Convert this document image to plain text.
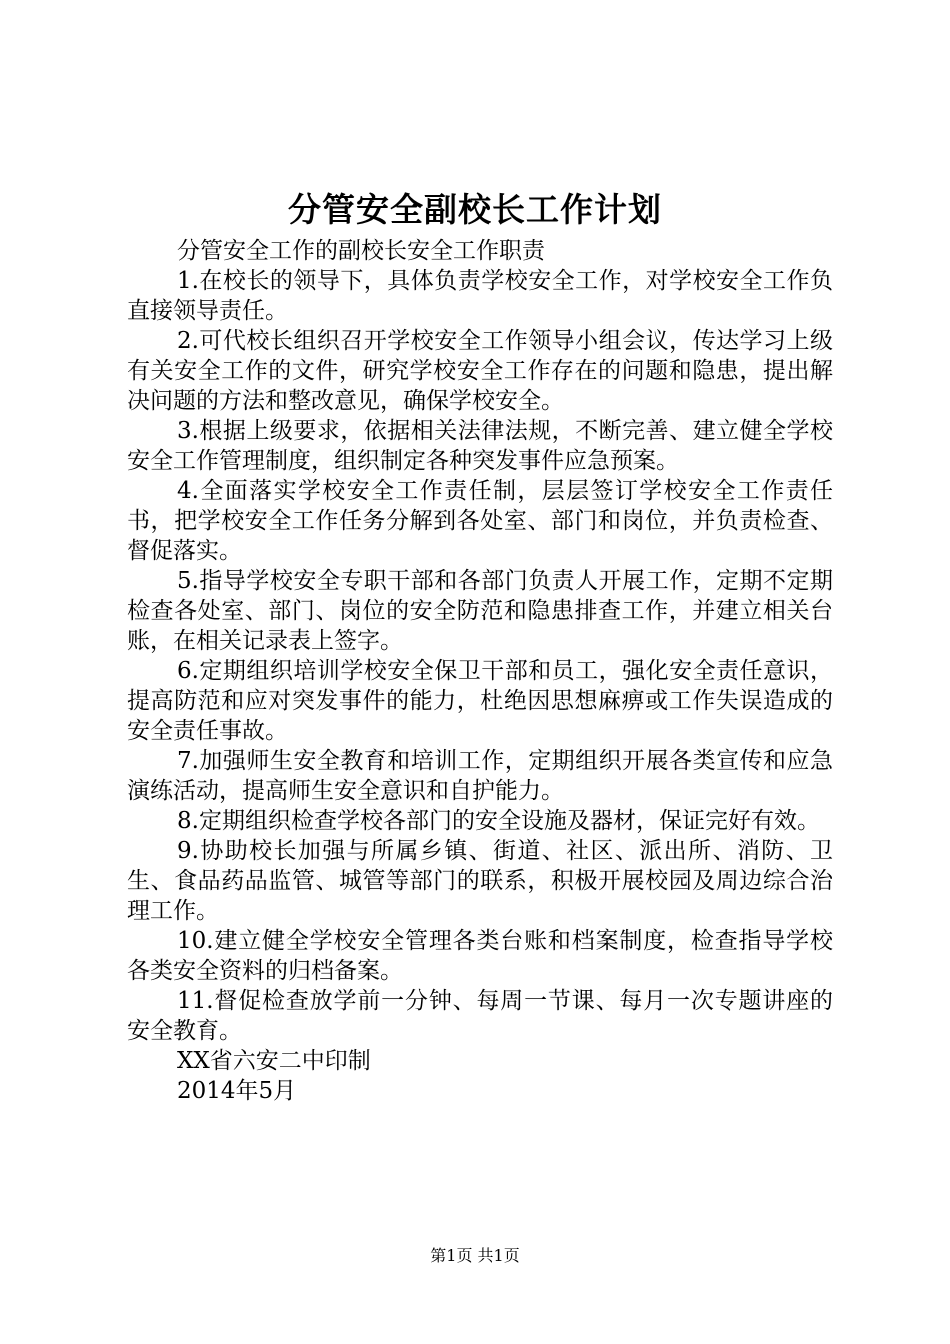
分管安全副校长工作计划

分管安全工作的副校长安全工作职责

1.在校长的领导下，具体负责学校安全工作，对学校安全工作负直接领导责任。

2.可代校长组织召开学校安全工作领导小组会议，传达学习上级有关安全工作的文件，研究学校安全工作存在的问题和隐患，提出解决问题的方法和整改意见，确保学校安全。

3.根据上级要求，依据相关法律法规，不断完善、建立健全学校安全工作管理制度，组织制定各种突发事件应急预案。

4.全面落实学校安全工作责任制，层层签订学校安全工作责任书，把学校安全工作任务分解到各处室、部门和岗位，并负责检查、督促落实。

5.指导学校安全专职干部和各部门负责人开展工作，定期不定期检查各处室、部门、岗位的安全防范和隐患排查工作，并建立相关台账，在相关记录表上签字。

6.定期组织培训学校安全保卫干部和员工，强化安全责任意识，提高防范和应对突发事件的能力，杜绝因思想麻痹或工作失误造成的安全责任事故。

7.加强师生安全教育和培训工作，定期组织开展各类宣传和应急演练活动，提高师生安全意识和自护能力。

8.定期组织检查学校各部门的安全设施及器材，保证完好有效。

9.协助校长加强与所属乡镇、街道、社区、派出所、消防、卫生、食品药品监管、城管等部门的联系，积极开展校园及周边综合治理工作。

10.建立健全学校安全管理各类台账和档案制度，检查指导学校各类安全资料的归档备案。

11.督促检查放学前一分钟、每周一节课、每月一次专题讲座的安全教育。

XX省六安二中印制

2014年5月

第1页 共1页
